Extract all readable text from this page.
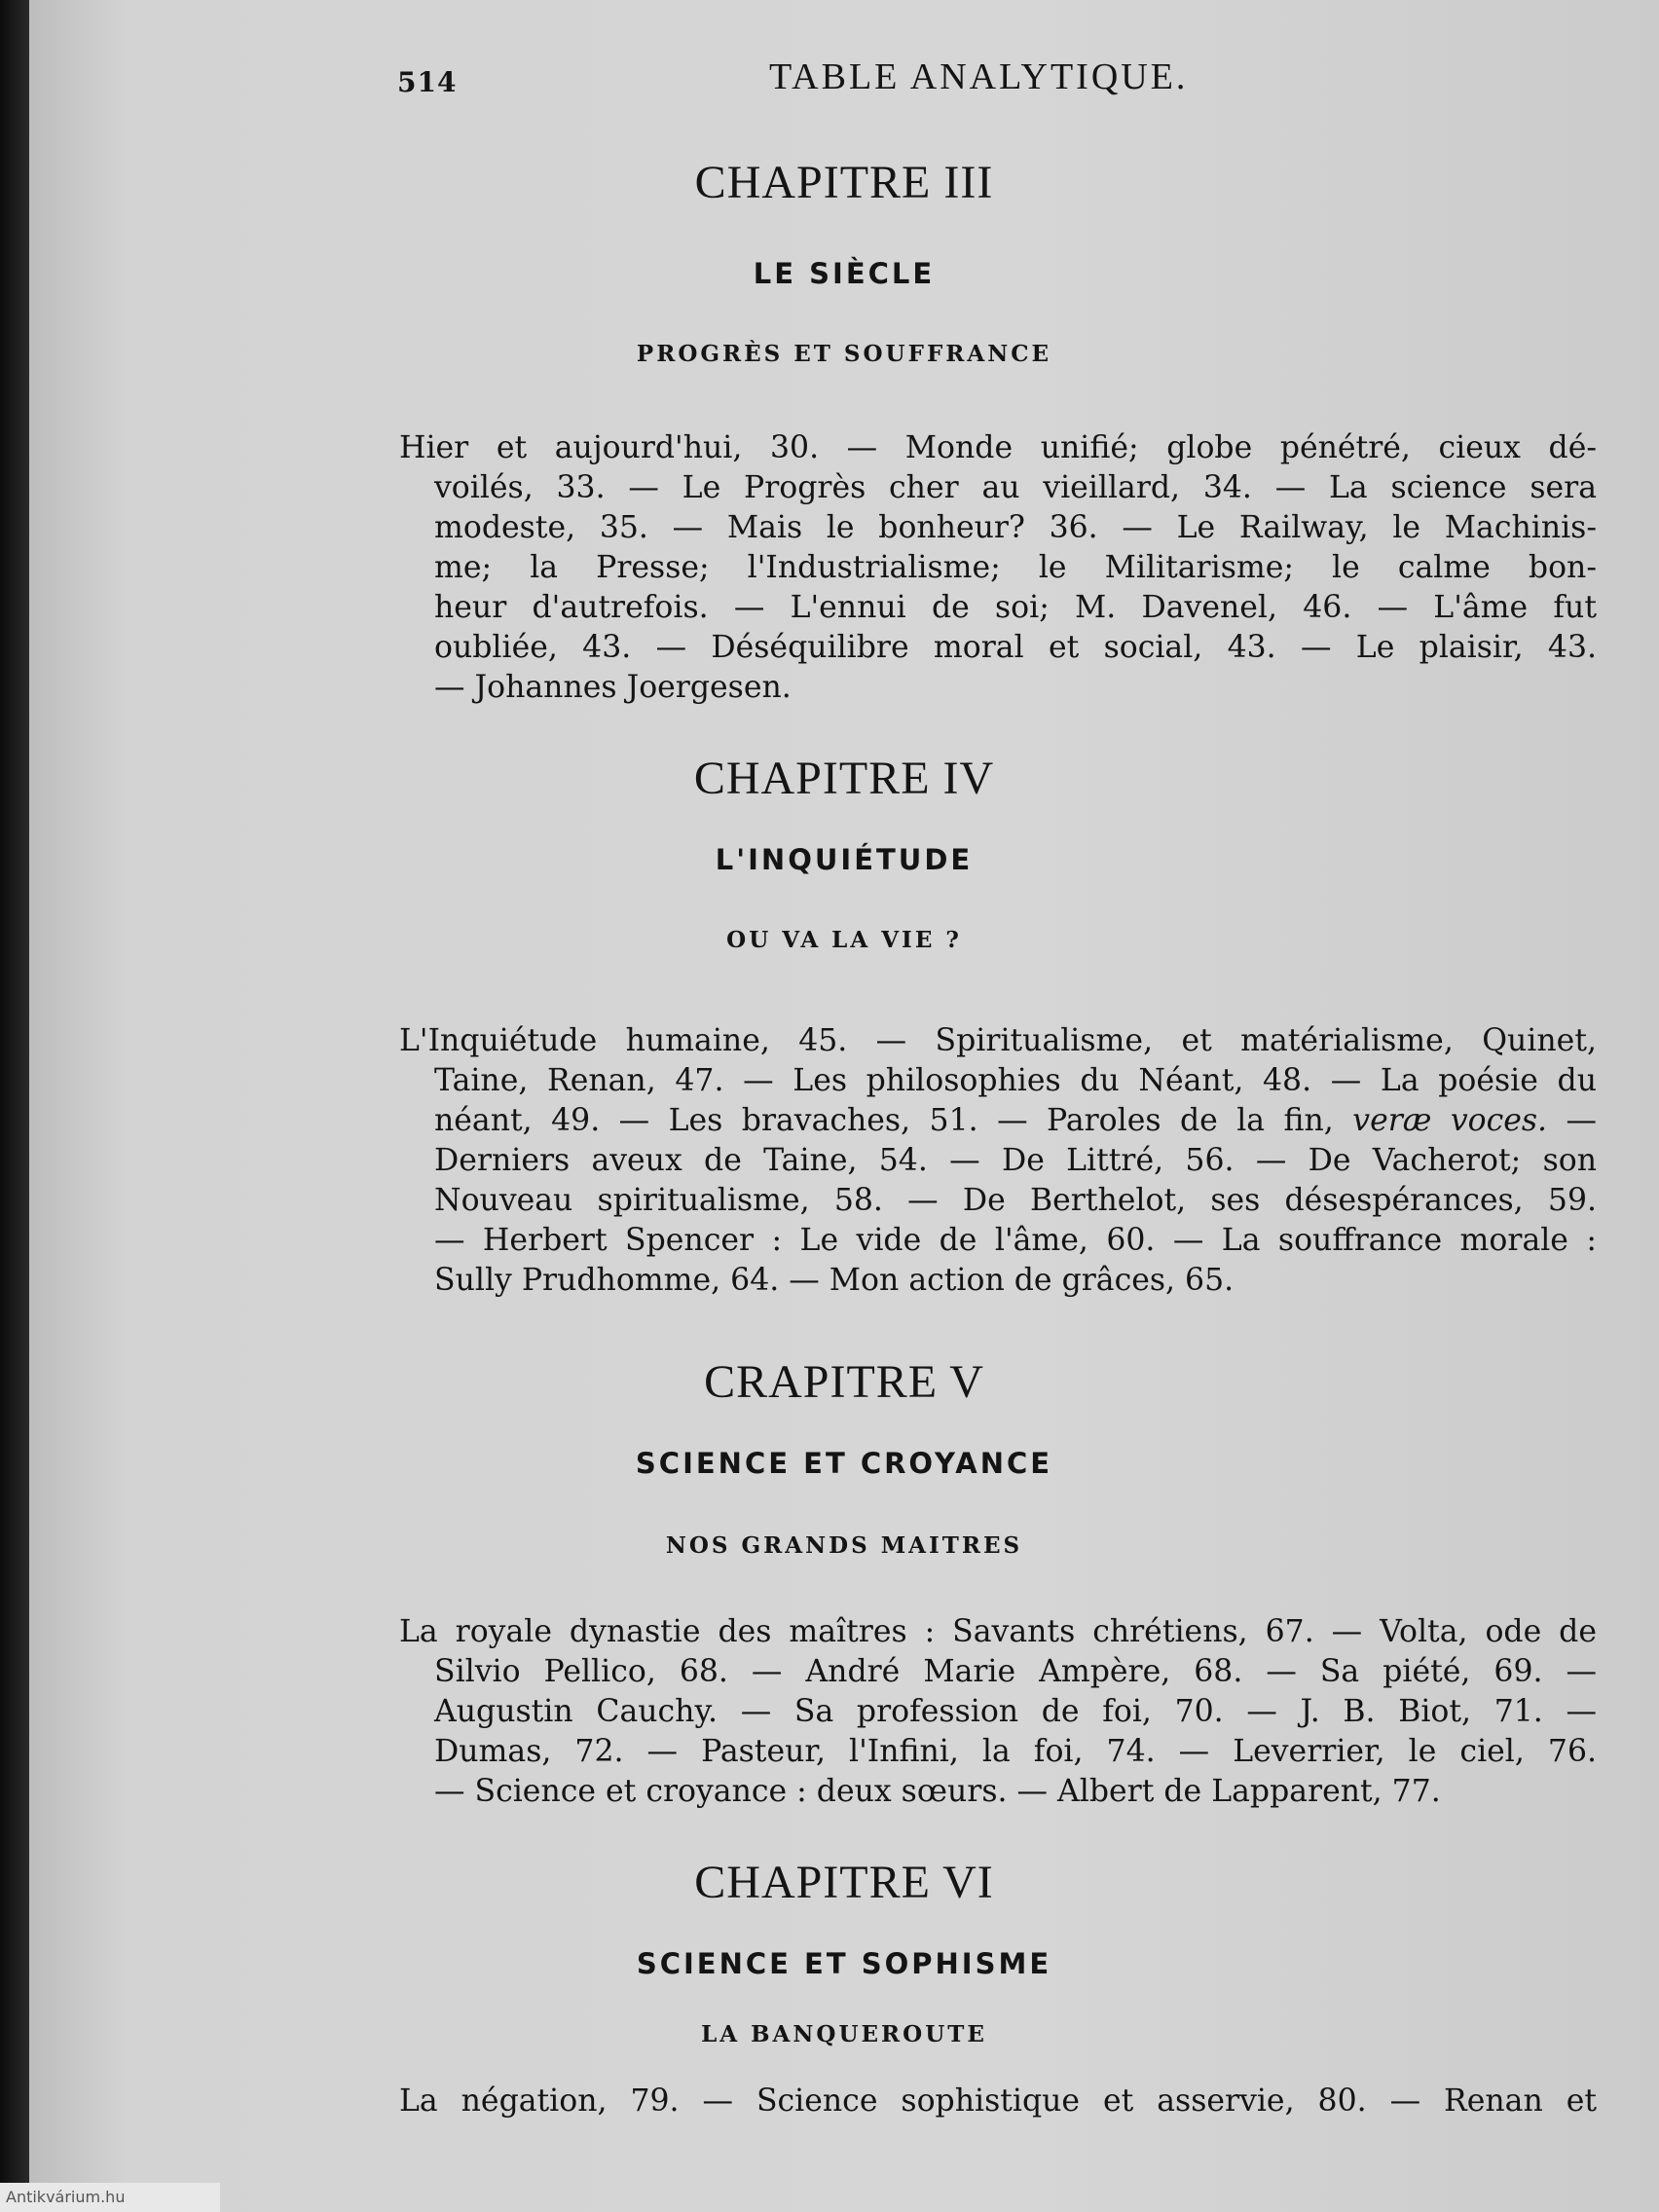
514	TABLE ANALYTIQUE.
CHAPITRE III
LE SIÈCLE
PROGRÈS ET SOUFFRANCE

Hier et aujourd'hui, 30. — Monde unifié; globe pénétré, cieux dé-
voilés, 33. — Le Progrès cher au vieillard, 34. — La science sera
modeste, 35. — Mais le bonheur? 36. — Le Railway, le Machinis-
me; la Presse; l'Industrialisme; le Militarisme; le calme bon-
heur d'autrefois. — L'ennui de soi; M. Davenel, 46. — L'âme fut
oubliée, 43. — Déséquilibre moral et social, 43. — Le plaisir, 43.
— Johannes Joergesen.

CHAPITRE IV
L'INQUIÉTUDE
OU VA LA VIE ?

L'Inquiétude humaine, 45. — Spiritualisme, et matérialisme, Quinet,
Taine, Renan, 47. — Les philosophies du Néant, 48. — La poésie du
néant, 49. — Les bravaches, 51. — Paroles de la fin, veræ voces. —
Derniers aveux de Taine, 54. — De Littré, 56. — De Vacherot; son
Nouveau spiritualisme, 58. — De Berthelot, ses désespérances, 59.
— Herbert Spencer : Le vide de l'âme, 60. — La souffrance morale :
Sully Prudhomme, 64. — Mon action de grâces, 65.

CRAPITRE V
SCIENCE ET CROYANCE
NOS GRANDS MAITRES

La royale dynastie des maîtres : Savants chrétiens, 67. — Volta, ode de
Silvio Pellico, 68. — André Marie Ampère, 68. — Sa piété, 69. —
Augustin Cauchy. — Sa profession de foi, 70. — J. B. Biot, 71. —
Dumas, 72. — Pasteur, l'Infini, la foi, 74. — Leverrier, le ciel, 76.
— Science et croyance : deux sœurs. — Albert de Lapparent, 77.

CHAPITRE VI
SCIENCE ET SOPHISME
LA BANQUEROUTE

La négation, 79. — Science sophistique et asservie, 80. — Renan et

Antikvárium.hu
